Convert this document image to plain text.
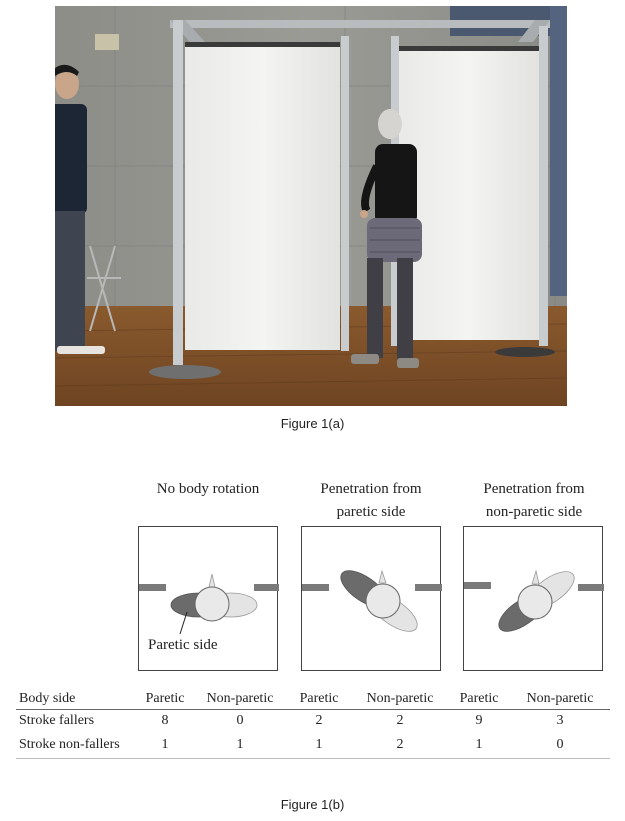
Figure 1(a)
No body rotation	Penetration from
paretic side
Penetration from
non-paretic side
Paretic side
Body side	Paretic	Non-paretic	Paretic	Non-paretic	Paretic	Non-paretic
Stroke fallers	8	0	2	2	9	3
Stroke non-fallers	1	1	1	2	1	0
Figure 1(b)
